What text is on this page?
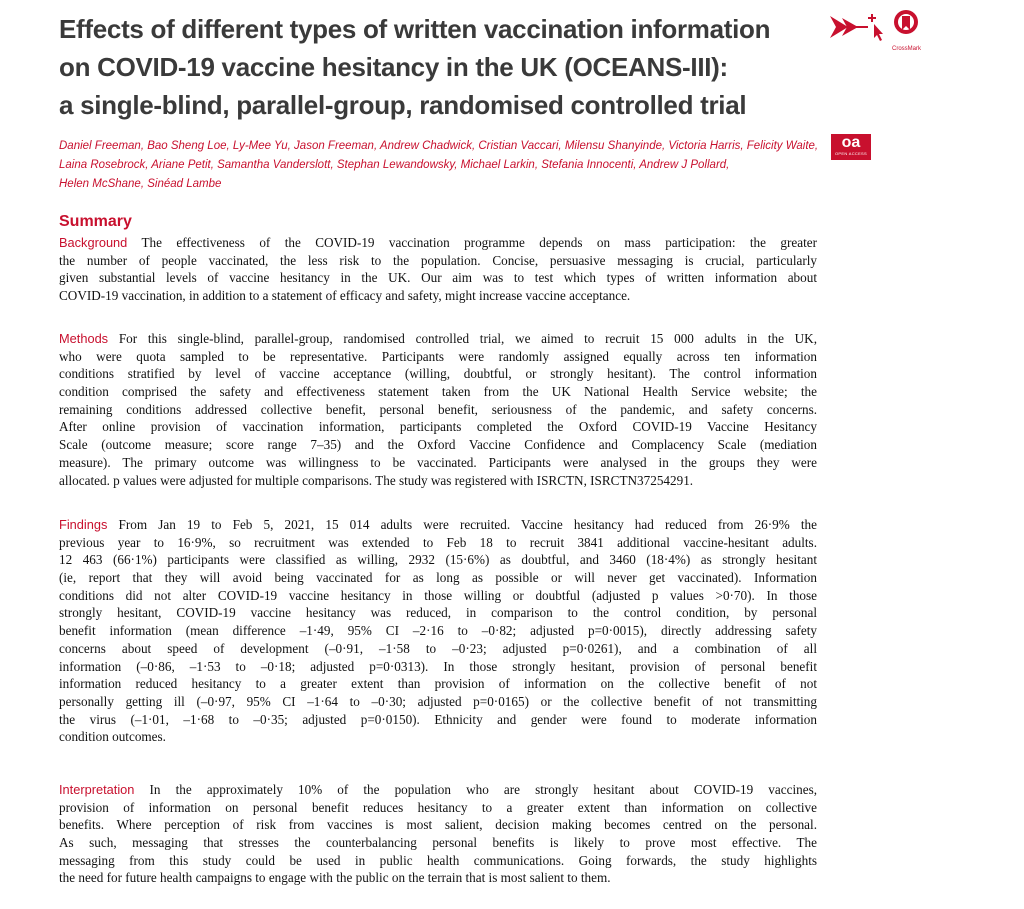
Effects of different types of written vaccination information
on COVID-19 vaccine hesitancy in the UK (OCEANS-III):
a single-blind, parallel-group, randomised controlled trial
CrossMark
Daniel Freeman, Bao Sheng Loe, Ly-Mee Yu, Jason Freeman, Andrew Chadwick, Cristian Vaccari, Milensu Shanyinde, Victoria Harris, Felicity Waite,
Laina Rosebrock, Ariane Petit, Samantha Vanderslott, Stephan Lewandowsky, Michael Larkin, Stefania Innocenti, Andrew J Pollard,
Helen McShane, Sinéad Lambe
oa
OPEN ACCESS
Summary
Background The effectiveness of the COVID-19 vaccination programme depends on mass participation: the greater
the number of people vaccinated, the less risk to the population. Concise, persuasive messaging is crucial, particularly
given substantial levels of vaccine hesitancy in the UK. Our aim was to test which types of written information about
COVID-19 vaccination, in addition to a statement of efficacy and safety, might increase vaccine acceptance.
Methods For this single-blind, parallel-group, randomised controlled trial, we aimed to recruit 15 000 adults in the UK,
who were quota sampled to be representative. Participants were randomly assigned equally across ten information
conditions stratified by level of vaccine acceptance (willing, doubtful, or strongly hesitant). The control information
condition comprised the safety and effectiveness statement taken from the UK National Health Service website; the
remaining conditions addressed collective benefit, personal benefit, seriousness of the pandemic, and safety concerns.
After online provision of vaccination information, participants completed the Oxford COVID-19 Vaccine Hesitancy
Scale (outcome measure; score range 7–35) and the Oxford Vaccine Confidence and Complacency Scale (mediation
measure). The primary outcome was willingness to be vaccinated. Participants were analysed in the groups they were
allocated. p values were adjusted for multiple comparisons. The study was registered with ISRCTN, ISRCTN37254291.
Findings From Jan 19 to Feb 5, 2021, 15 014 adults were recruited. Vaccine hesitancy had reduced from 26·9% the
previous year to 16·9%, so recruitment was extended to Feb 18 to recruit 3841 additional vaccine-hesitant adults.
12 463 (66·1%) participants were classified as willing, 2932 (15·6%) as doubtful, and 3460 (18·4%) as strongly hesitant
(ie, report that they will avoid being vaccinated for as long as possible or will never get vaccinated). Information
conditions did not alter COVID-19 vaccine hesitancy in those willing or doubtful (adjusted p values >0·70). In those
strongly hesitant, COVID-19 vaccine hesitancy was reduced, in comparison to the control condition, by personal
benefit information (mean difference –1·49, 95% CI –2·16 to –0·82; adjusted p=0·0015), directly addressing safety
concerns about speed of development (–0·91, –1·58 to –0·23; adjusted p=0·0261), and a combination of all
information (–0·86, –1·53 to –0·18; adjusted p=0·0313). In those strongly hesitant, provision of personal benefit
information reduced hesitancy to a greater extent than provision of information on the collective benefit of not
personally getting ill (–0·97, 95% CI –1·64 to –0·30; adjusted p=0·0165) or the collective benefit of not transmitting
the virus (–1·01, –1·68 to –0·35; adjusted p=0·0150). Ethnicity and gender were found to moderate information
condition outcomes.
Interpretation In the approximately 10% of the population who are strongly hesitant about COVID-19 vaccines,
provision of information on personal benefit reduces hesitancy to a greater extent than information on collective
benefits. Where perception of risk from vaccines is most salient, decision making becomes centred on the personal.
As such, messaging that stresses the counterbalancing personal benefits is likely to prove most effective. The
messaging from this study could be used in public health communications. Going forwards, the study highlights
the need for future health campaigns to engage with the public on the terrain that is most salient to them.
